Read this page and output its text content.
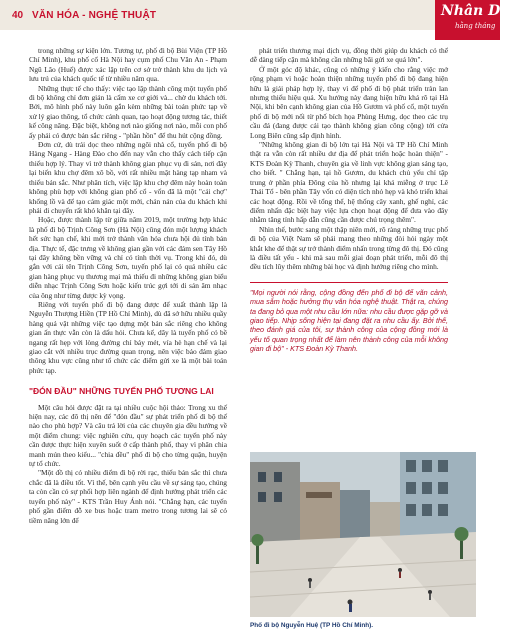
40 VĂN HÓA - NGHỆ THUẬT	Nhân Dân
hằng tháng

trong những sự kiện lớn. Tương tự, phố đi bộ Bùi Viện (TP Hồ Chí Minh), khu phố cổ Hà Nội hay cụm phố Chu Văn An - Phạm Ngũ Lão (Huế) được xác lập trên cơ sở trở thành khu du lịch và lưu trú của khách quốc tế từ nhiều năm qua.

Những thực tế cho thấy: việc tạo lập thành công một tuyến phố đi bộ không chỉ đơn giản là cấm xe cơ giới và... chờ du khách tới. Bởi, mô hình phố này luôn gắn kèm những bài toán phức tạp về xử lý giao thông, tổ chức cảnh quan, tạo hoạt động tương tác, thiết kế công năng. Đặc biệt, không nơi nào giống nơi nào, mỗi con phố ấy phải có được bản sắc riêng - "phần hồn" để thu hút cộng đồng.

Đơn cử, dù trải dọc theo những ngôi nhà cổ, tuyến phố đi bộ Hàng Ngang - Hàng Đào cho đến nay vẫn cho thấy cách tiếp cận thiếu hợp lý. Thay vì trở thành không gian phục vụ đi sản, nơi đây lại biến khu chợ đêm xô bồ, với rất nhiều mặt hàng tạp nham và thiếu bản sắc. Như phân tích, việc lập khu chợ đêm này hoàn toàn không phù hợp với không gian phố cổ - vốn đã là một "cái chợ" khổng lồ và để tạo cảm giác một mới, chán nản của du khách khi phải di chuyển rất khó khăn tại đây.

Họặc, được thành lập từ giữa năm 2019, một trường hợp khác là phố đi bộ Trịnh Công Sơn (Hà Nội) cũng đón một lượng khách hết sức hạn chế, khi mới trở thành văn hóa chưa hội đủ tính bản địa. Thực tế, đặc trưng về không gian gần với các đảm sen Tây Hồ tại đây không bền vững và chỉ có tính thời vụ. Trong khi đó, dù gắn với cái tên Trịnh Công Sơn, tuyến phố lại có quá nhiều các gian hàng phục vụ thương mại mà thiếu đi những không gian biểu diễn nhạc Trịnh Công Sơn hoặc kiến trúc gợi tới di sản âm nhạc của ông như từng được kỳ vọng.

Riêng với tuyến phố đi bộ đang được để xuất thành lập là Nguyễn Thượng Hiền (TP Hồ Chí Minh), dù đã sở hữu nhiều quầy hàng quả vật những việc tạo dựng một bản sắc riêng cho không gian ấn thực vẫn còn là dấu hỏi. Chưa kể, dãy là tuyến phố có bề ngang rất hẹp với lòng đường chỉ bảy mét, vía hè hạn chế và lại giao cắt với nhiều trục đường quan trọng, nên việc bảo đảm giao thông khu vực cũng như tổ chức các điểm gửi xe là một bài toán phức tạp.

"ĐÓN ĐẦU" NHỮNG TUYẾN PHỐ TƯƠNG LAI

Một câu hỏi được đặt ra tại nhiều cuộc hội thảo: Trong xu thế hiện nay, các đô thị nên để "đón đầu" sự phát triển phố đi bộ thế nào cho phù hợp? Và câu trả lời của các chuyên gia đều hướng về một điểm chung: việc nghiên cứu, quy hoạch các tuyến phố này cần được thực hiện xuyên suốt ở cấp thành phố, thay vì phân chia manh mún theo kiểu... "chia đều" phố đi bộ cho từng quận, huyện tự tổ chức.

"Một đồ thị có nhiều điểm đi bộ rời rạc, thiếu bản sắc thì chưa chắc đã là điều tốt. Vì thế, bên cạnh yêu cầu về sự sáng tạo, chúng ta còn cần có sự phối hợp liên ngành để định hướng phát triển các tuyến phố này" - KTS Trần Huy Ánh nói. "Chẳng hạn, các tuyến phố gần điểm đỗ xe bus hoặc tram metro trong tương lai sẽ có tiềm năng lớn để

phát triển thương mại dịch vụ, đồng thời giúp du khách có thể dễ dàng tiếp cận mà không cần những bãi gửi xe quá lớn".

Ở một góc độ khác, cũng có những ý kiến cho rằng việc mở rộng phạm vi hoặc hoàn thiện những tuyến phố đi bộ đang hiện hữu là giải pháp hợp lý, thay vì để phố đi bộ phát triển tràn lan nhưng thiếu hiệu quả. Xu hướng này đang hiện hữu khá rõ tại Hà Nội, khi bên cạnh không gian của Hồ Gươm và phố cổ, một tuyến phố đi bộ mới nối từ phố bích họa Phùng Hưng, dọc theo các trụ cầu đá (đang được cải tạo thành không gian công cộng) tới cửa Long Biên cũng sắp định hình.

"Những không gian đi bộ lớn tại Hà Nội và TP Hồ Chí Minh thật ra vẫn còn rất nhiều dư địa để phát triển hoặc hoàn thiện" - KTS Đoàn Kỳ Thanh, chuyên gia về linh vực không gian sáng tạo, cho biết. " Chẳng hạn, tại hồ Gươm, du khách chủ yếu chỉ tập trung ở phần phía Đông của hồ nhưng lại khá miễng ở trục Lê Thái Tổ - bên phần Tây vốn có diện tích nhỏ hẹp và khó triển khai các hoạt động. Rồi về tổng thể, hệ thống cây xanh, ghế nghỉ, các điểm nhấn đặc biệt hay việc lựa chọn hoạt động để đưa vào đây nhằm tăng tính hấp dẫn cũng cần được chú trọng thêm".

Nhìn thế, bước sang một thập niên mới, rõ ràng những trục phố đi bộ của Việt Nam sẽ phải mang theo những đòi hỏi ngày một khắt khe để thật sự trở thành điểm nhấn trong từng đô thị. Đó cũng là điều tất yếu - khi mà sau mỗi giai đoạn phát triển, mỗi đô thị đều tích lũy thêm những bài học và định hướng riêng cho mình.

"Mọi người nói rằng, cộng đồng đến phố đi bộ để vãn cảnh, mua sắm hoặc hưởng thụ văn hóa nghệ thuật. Thật ra, chúng ta đang bỏ qua một nhu cầu lớn nữa: nhu cầu được gặp gỡ và giao tiếp. Nhịp sống hiện tại đang đặt ra nhu cầu ấy. Bởi thế, theo đánh giá của tôi, sự thành công của cộng đồng mới là yếu tố quan trọng nhất để làm nên thành công của mỗi không gian đi bộ" - KTS Đoàn Kỳ Thanh.

Phố đi bộ Nguyễn Huệ (TP Hồ Chí Minh).
